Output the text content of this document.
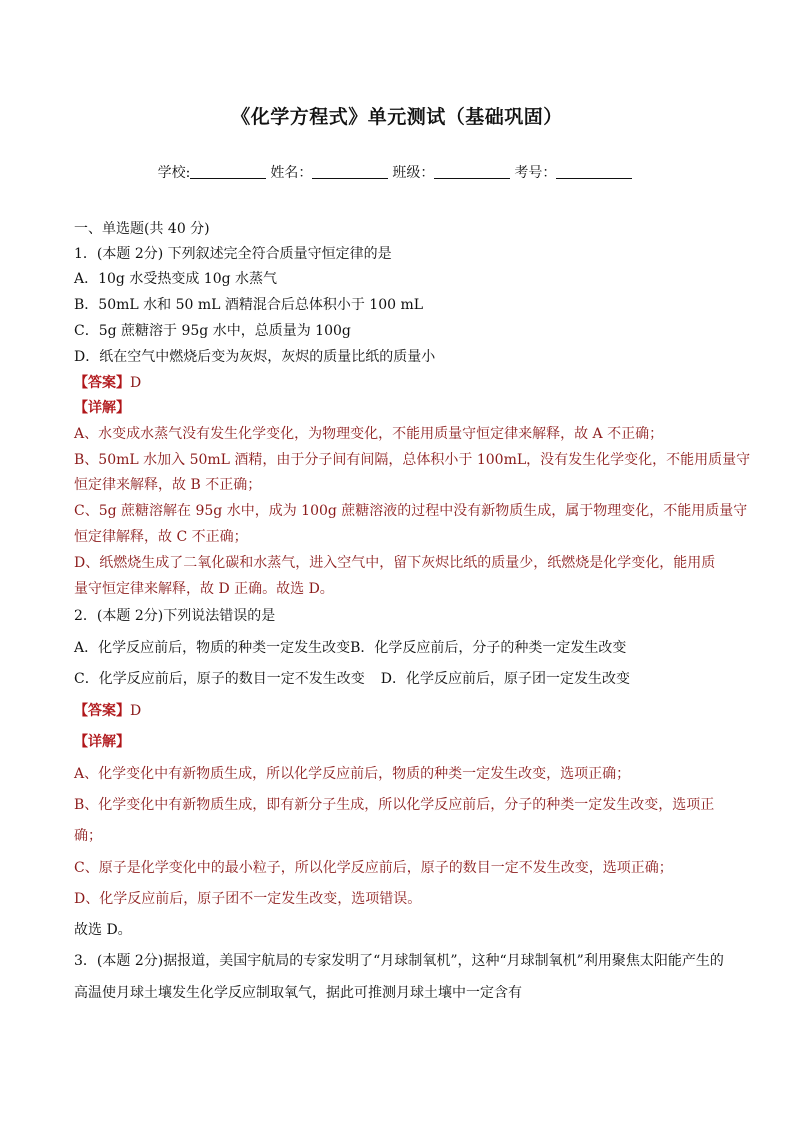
《化学方程式》单元测试（基础巩固）
学校:	姓名：	班级：	考号：
一、单选题(共 40 分)
1．(本题 2分) 下列叙述完全符合质量守恒定律的是
A．10g 水受热变成 10g 水蒸气
B．50mL 水和 50 mL 酒精混合后总体积小于 100 mL
C．5g 蔗糖溶于 95g 水中，总质量为 100g
D．纸在空气中燃烧后变为灰烬，灰烬的质量比纸的质量小
【答案】D
【详解】
A、水变成水蒸气没有发生化学变化，为物理变化，不能用质量守恒定律来解释，故 A 不正确；
B、50mL 水加入 50mL 酒精，由于分子间有间隔，总体积小于 100mL，没有发生化学变化，不能用质量守
恒定律来解释，故 B 不正确；
C、5g 蔗糖溶解在 95g 水中，成为 100g 蔗糖溶液的过程中没有新物质生成，属于物理变化，不能用质量守
恒定律解释，故 C 不正确；
D、纸燃烧生成了二氧化碳和水蒸气，进入空气中，留下灰烬比纸的质量少，纸燃烧是化学变化，能用质
量守恒定律来解释，故 D 正确。故选 D。
2．(本题 2分)下列说法错误的是
A．化学反应前后，物质的种类一定发生改变B．化学反应前后，分子的种类一定发生改变
C．化学反应前后，原子的数目一定不发生改变 D．化学反应前后，原子团一定发生改变
【答案】D
【详解】
A、化学变化中有新物质生成，所以化学反应前后，物质的种类一定发生改变，选项正确；
B、化学变化中有新物质生成，即有新分子生成，所以化学反应前后，分子的种类一定发生改变，选项正
确；
C、原子是化学变化中的最小粒子，所以化学反应前后，原子的数目一定不发生改变，选项正确；
D、化学反应前后，原子团不一定发生改变，选项错误。
故选 D。
3．(本题 2分)据报道，美国宇航局的专家发明了“月球制氧机”，这种“月球制氧机”利用聚焦太阳能产生的
高温使月球土壤发生化学反应制取氧气，据此可推测月球土壤中一定含有
